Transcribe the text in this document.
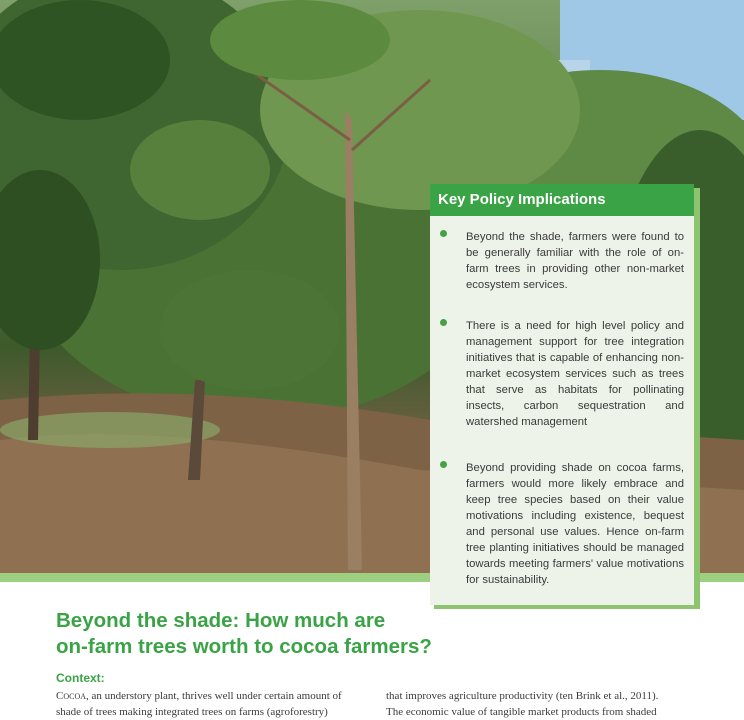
Key Policy Implications

Beyond the shade, farmers were found to be generally familiar with the role of on-farm trees in providing other non-market ecosystem services.

There is a need for high level policy and management support for tree integration initiatives that is capable of enhancing non-market ecosystem services such as trees that serve as habitats for pollinating insects, carbon sequestration and watershed management

Beyond providing shade on cocoa farms, farmers would more likely embrace and keep tree species based on their value motivations including existence, bequest and personal use values. Hence on-farm tree planting initiatives should be managed towards meeting farmers' value motivations for sustainability.

Beyond the shade: How much are
on-farm trees worth to cocoa farmers?
Context:
Cocoa, an understory plant, thrives well under certain amount of
shade of trees making integrated trees on farms (agroforestry)
that improves agriculture productivity (ten Brink et al., 2011).
The economic value of tangible market products from shaded
